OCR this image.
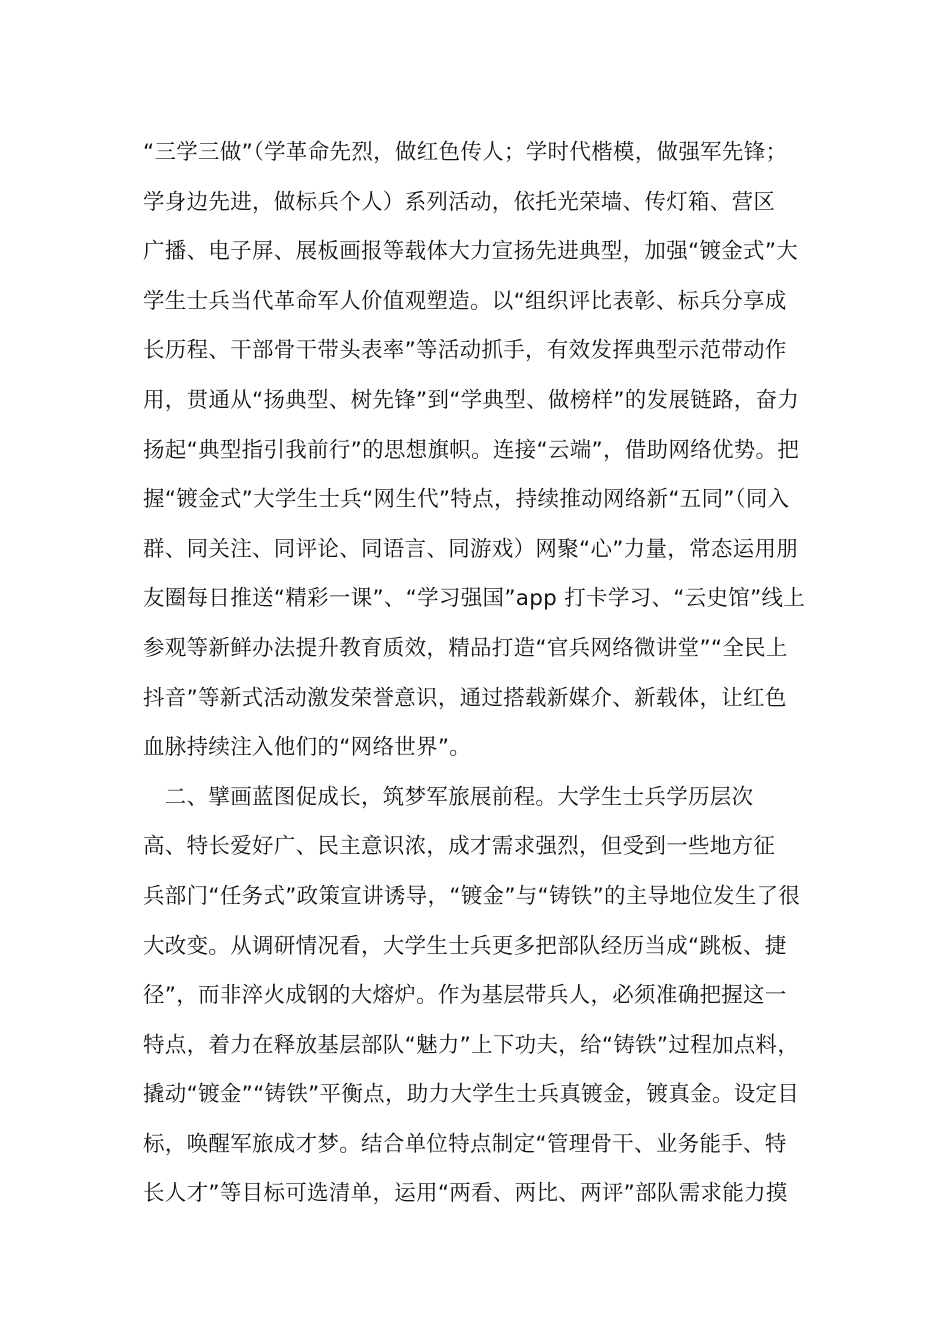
“三学三做”（学革命先烈，做红色传人；学时代楷模，做强军先锋；
学身边先进，做标兵个人）系列活动，依托光荣墙、传灯箱、营区
广播、电子屏、展板画报等载体大力宣扬先进典型，加强“镀金式”大
学生士兵当代革命军人价值观塑造。以“组织评比表彰、标兵分享成
长历程、干部骨干带头表率”等活动抓手，有效发挥典型示范带动作
用，贯通从“扬典型、树先锋”到“学典型、做榜样”的发展链路，奋力
扬起“典型指引我前行”的思想旗帜。连接“云端”，借助网络优势。把
握“镀金式”大学生士兵“网生代”特点，持续推动网络新“五同”（同入
群、同关注、同评论、同语言、同游戏）网聚“心”力量，常态运用朋
友圈每日推送“精彩一课”、“学习强国”app 打卡学习、“云史馆”线上
参观等新鲜办法提升教育质效，精品打造“官兵网络微讲堂”“全民上
抖音”等新式活动激发荣誉意识，通过搭载新媒介、新载体，让红色
血脉持续注入他们的“网络世界”。
　二、擘画蓝图促成长，筑梦军旅展前程。大学生士兵学历层次
高、特长爱好广、民主意识浓，成才需求强烈，但受到一些地方征
兵部门“任务式”政策宣讲诱导，“镀金”与“铸铁”的主导地位发生了很
大改变。从调研情况看，大学生士兵更多把部队经历当成“跳板、捷
径”，而非淬火成钢的大熔炉。作为基层带兵人，必须准确把握这一
特点，着力在释放基层部队“魅力”上下功夫，给“铸铁”过程加点料，
撬动“镀金”“铸铁”平衡点，助力大学生士兵真镀金，镀真金。设定目
标，唤醒军旅成才梦。结合单位特点制定“管理骨干、业务能手、特
长人才”等目标可选清单，运用“两看、两比、两评”部队需求能力摸
